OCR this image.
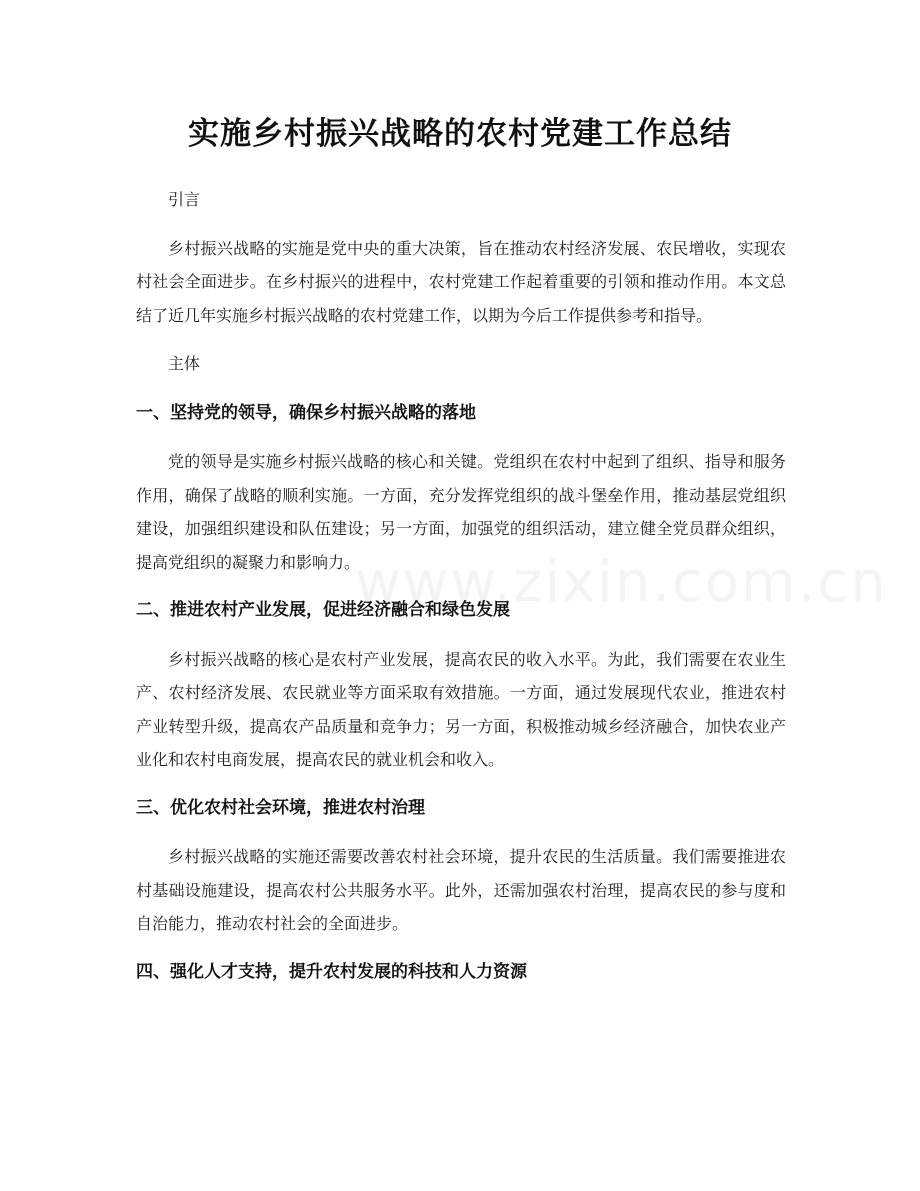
实施乡村振兴战略的农村党建工作总结

引言

乡村振兴战略的实施是党中央的重大决策，旨在推动农村经济发展、农民增收，实现农村社会全面进步。在乡村振兴的进程中，农村党建工作起着重要的引领和推动作用。本文总结了近几年实施乡村振兴战略的农村党建工作，以期为今后工作提供参考和指导。

主体

一、坚持党的领导，确保乡村振兴战略的落地

党的领导是实施乡村振兴战略的核心和关键。党组织在农村中起到了组织、指导和服务作用，确保了战略的顺利实施。一方面，充分发挥党组织的战斗堡垒作用，推动基层党组织建设，加强组织建设和队伍建设；另一方面，加强党的组织活动，建立健全党员群众组织，提高党组织的凝聚力和影响力。

二、推进农村产业发展，促进经济融合和绿色发展

乡村振兴战略的核心是农村产业发展，提高农民的收入水平。为此，我们需要在农业生产、农村经济发展、农民就业等方面采取有效措施。一方面，通过发展现代农业，推进农村产业转型升级，提高农产品质量和竞争力；另一方面，积极推动城乡经济融合，加快农业产业化和农村电商发展，提高农民的就业机会和收入。

三、优化农村社会环境，推进农村治理

乡村振兴战略的实施还需要改善农村社会环境，提升农民的生活质量。我们需要推进农村基础设施建设，提高农村公共服务水平。此外，还需加强农村治理，提高农民的参与度和自治能力，推动农村社会的全面进步。

四、强化人才支持，提升农村发展的科技和人力资源
